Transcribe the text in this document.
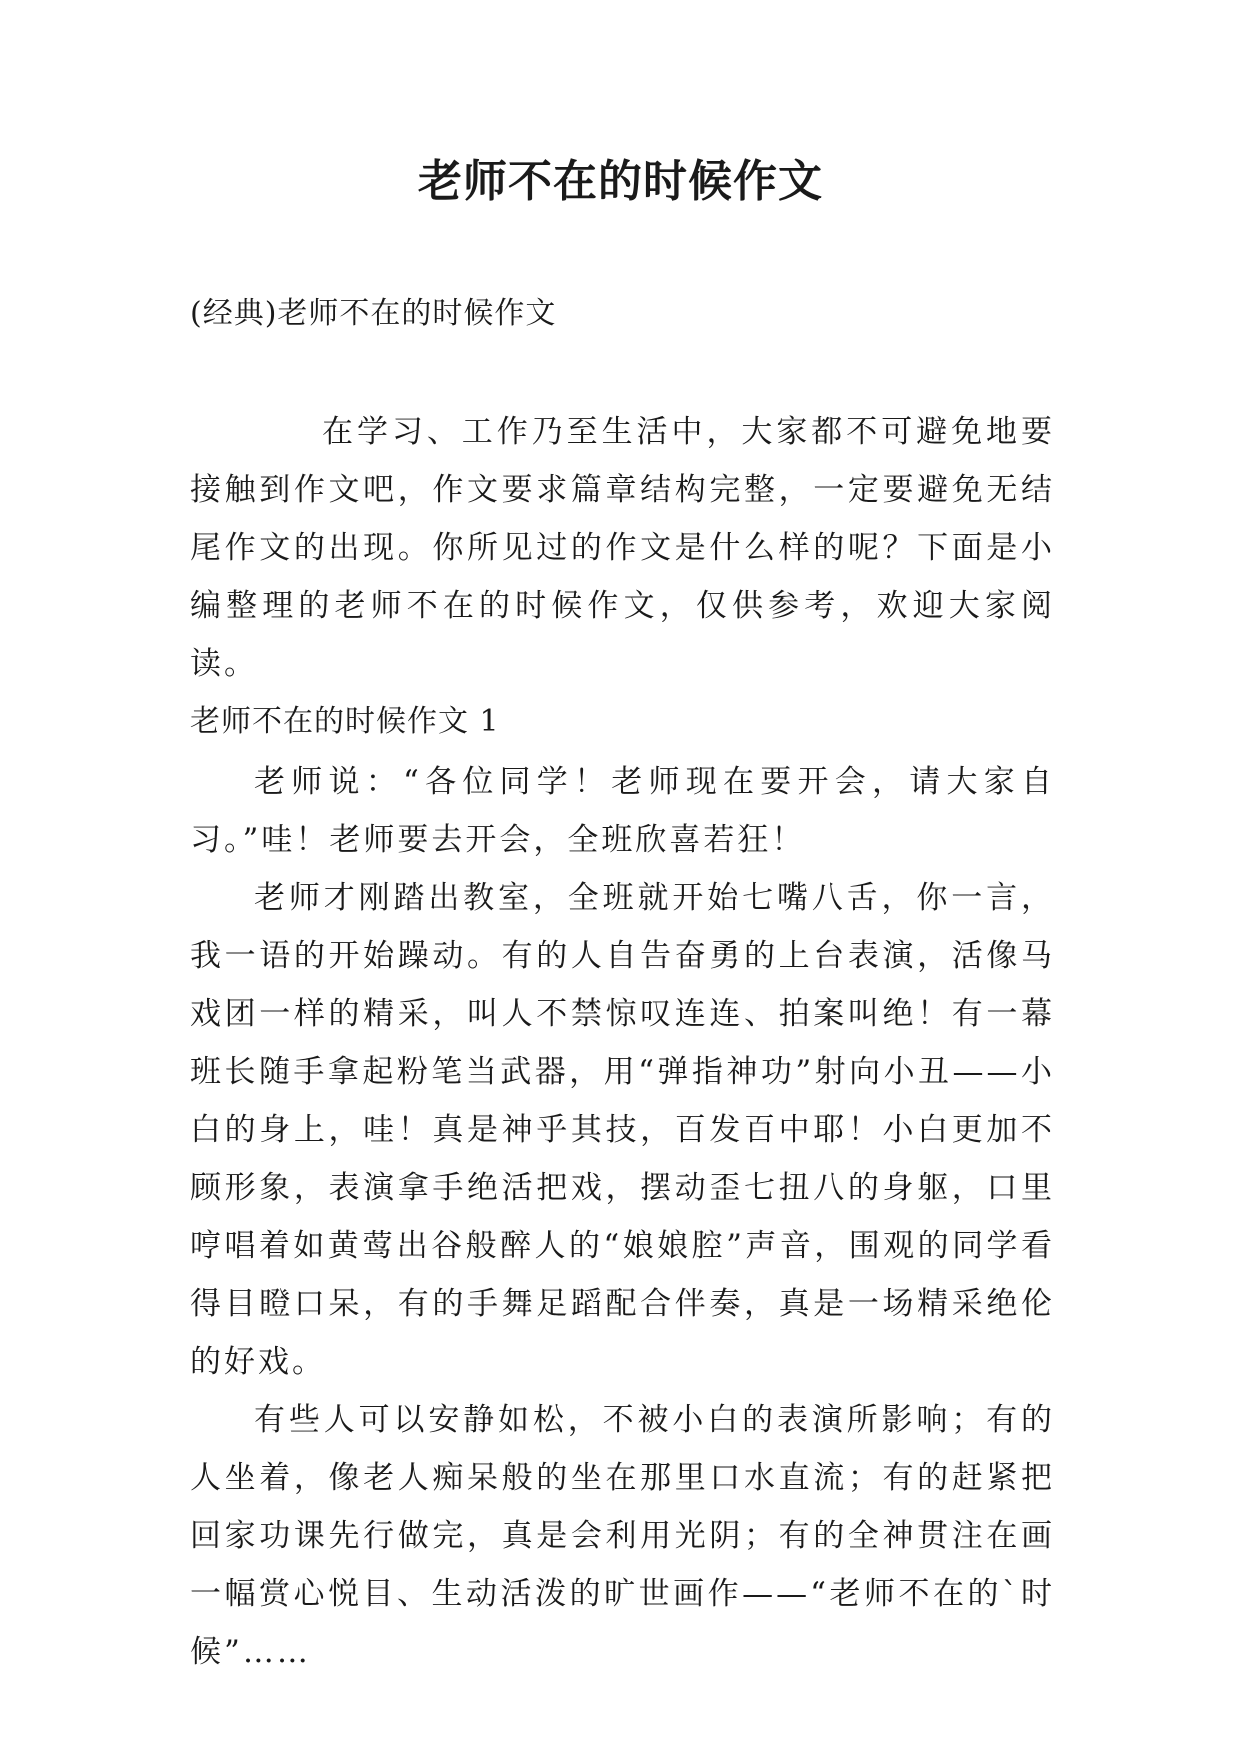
老师不在的时候作文

(经典)老师不在的时候作文

在学习、工作乃至生活中，大家都不可避免地要接触到作文吧，作文要求篇章结构完整，一定要避免无结尾作文的出现。你所见过的作文是什么样的呢？下面是小编整理的老师不在的时候作文，仅供参考，欢迎大家阅读。

老师不在的时候作文 1

老师说：“各位同学！老师现在要开会，请大家自习。”哇！老师要去开会，全班欣喜若狂！

老师才刚踏出教室，全班就开始七嘴八舌，你一言，我一语的开始躁动。有的人自告奋勇的上台表演，活像马戏团一样的精采，叫人不禁惊叹连连、拍案叫绝！有一幕班长随手拿起粉笔当武器，用“弹指神功”射向小丑——小白的身上，哇！真是神乎其技，百发百中耶！小白更加不顾形象，表演拿手绝活把戏，摆动歪七扭八的身躯，口里哼唱着如黄莺出谷般醉人的“娘娘腔”声音，围观的同学看得目瞪口呆，有的手舞足蹈配合伴奏，真是一场精采绝伦的好戏。

有些人可以安静如松，不被小白的表演所影响；有的人坐着，像老人痴呆般的坐在那里口水直流；有的赶紧把回家功课先行做完，真是会利用光阴；有的全神贯注在画一幅赏心悦目、生动活泼的旷世画作——“老师不在的`时候”……
